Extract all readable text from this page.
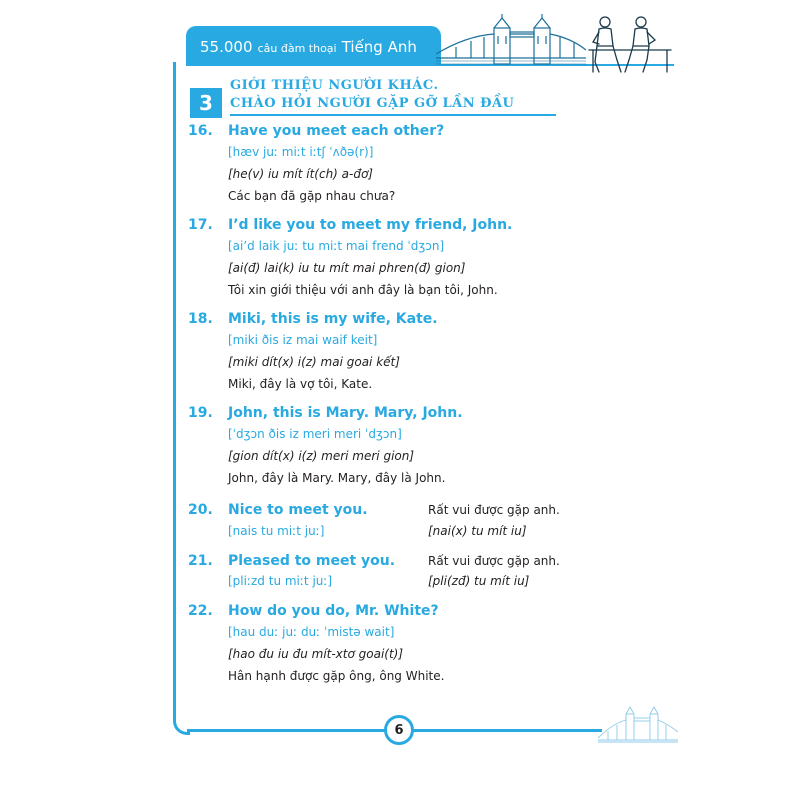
55.000 câu đàm thoại Tiếng Anh
3
GIỚI THIỆU NGƯỜI KHÁC.
CHÀO HỎI NGƯỜI GẶP GỠ LẦN ĐẦU
16.	Have you meet each other?
[hæv juː miːt iːtʃ ˈʌðə(r)]
[he(v) iu mít ít(ch) a-đơ]
Các bạn đã gặp nhau chưa?
17.	I’d like you to meet my friend, John.
[ai’d laik juː tu miːt mai frend ˈdʒɔn]
[ai(đ) lai(k) iu tu mít mai phren(đ) gion]
Tôi xin giới thiệu với anh đây là bạn tôi, John.
18.	Miki, this is my wife, Kate.
[miki ðis iz mai waif keit]
[miki dít(x) i(z) mai goai kết]
Miki, đây là vợ tôi, Kate.
19.	John, this is Mary. Mary, John.
[ˈdʒɔn ðis iz meri meri ˈdʒɔn]
[gion dít(x) i(z) meri meri gion]
John, đây là Mary. Mary, đây là John.
20.	Nice to meet you.	Rất vui được gặp anh.
[nais tu miːt juː]	[nai(x) tu mít iu]
21.	Pleased to meet you.	Rất vui được gặp anh.
[pliːzd tu miːt juː]	[pli(zđ) tu mít iu]
22.	How do you do, Mr. White?
[hau duː juː duː ˈmistə wait]
[hao đu iu đu mít-xtơ goai(t)]
Hân hạnh được gặp ông, ông White.
6
